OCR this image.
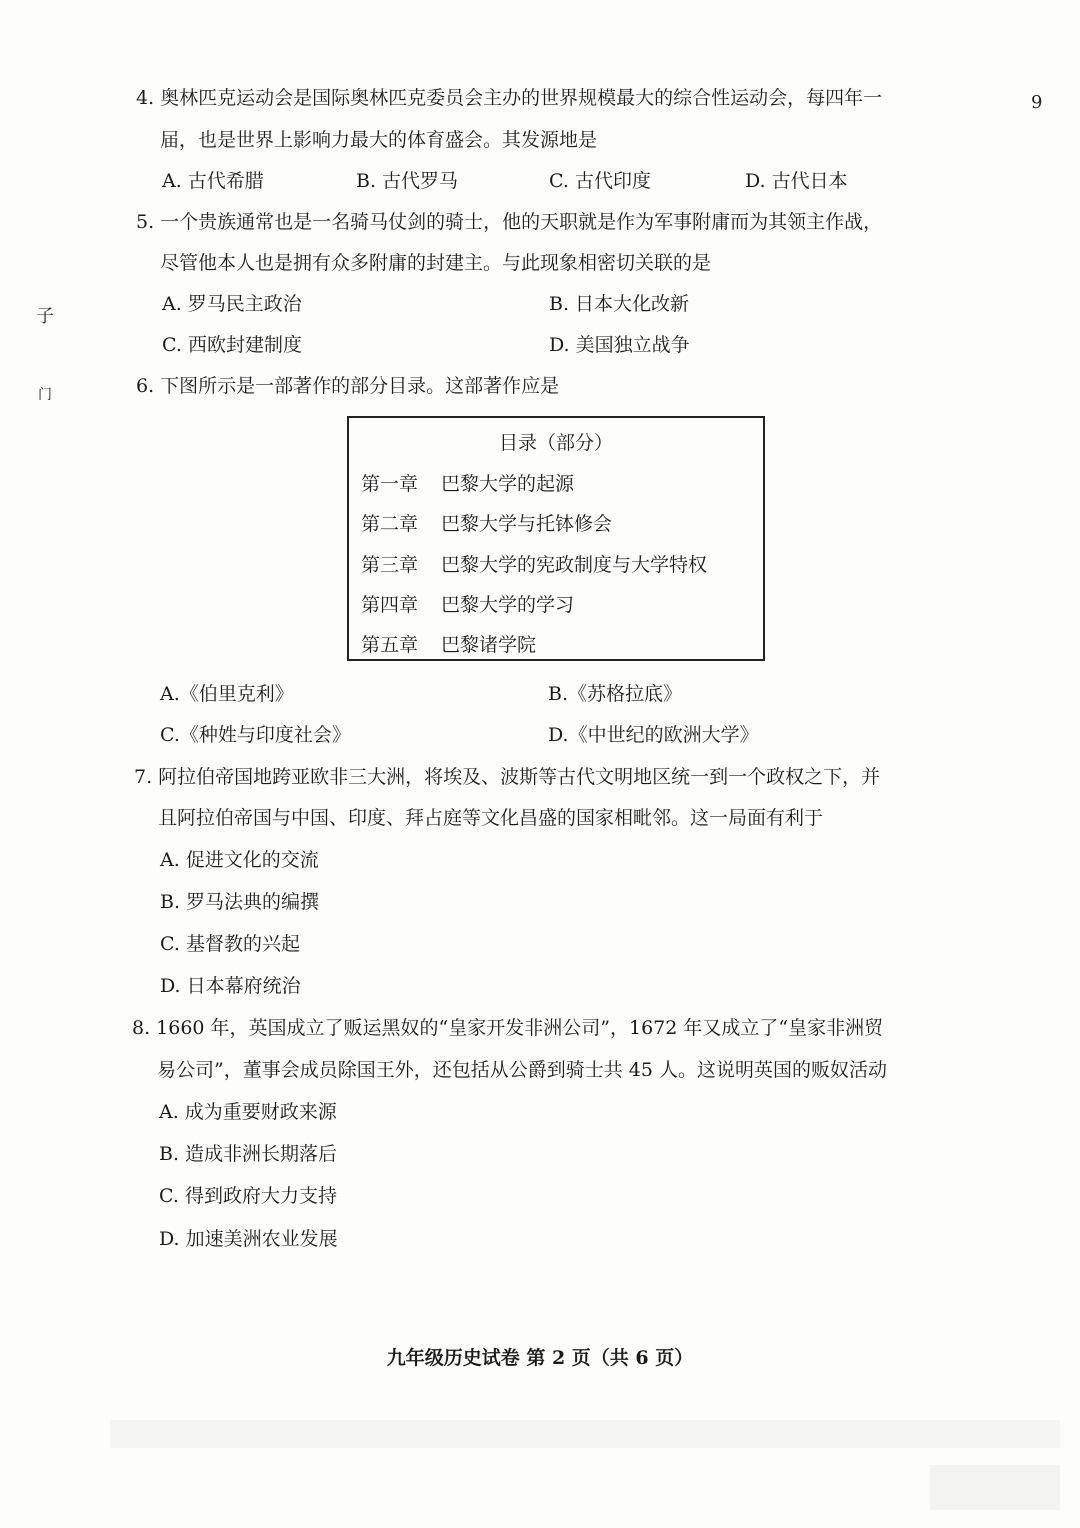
9
子
门
4. 奥林匹克运动会是国际奥林匹克委员会主办的世界规模最大的综合性运动会，每四年一
届，也是世界上影响力最大的体育盛会。其发源地是
A. 古代希腊	B. 古代罗马	C. 古代印度	D. 古代日本
5. 一个贵族通常也是一名骑马仗剑的骑士，他的天职就是作为军事附庸而为其领主作战，
尽管他本人也是拥有众多附庸的封建主。与此现象相密切关联的是
A. 罗马民主政治	B. 日本大化改新
C. 西欧封建制度	D. 美国独立战争
6. 下图所示是一部著作的部分目录。这部著作应是
目录（部分）
第一章 巴黎大学的起源
第二章 巴黎大学与托钵修会
第三章 巴黎大学的宪政制度与大学特权
第四章 巴黎大学的学习
第五章 巴黎诸学院
A.《伯里克利》	B.《苏格拉底》
C.《种姓与印度社会》	D.《中世纪的欧洲大学》
7. 阿拉伯帝国地跨亚欧非三大洲，将埃及、波斯等古代文明地区统一到一个政权之下，并
且阿拉伯帝国与中国、印度、拜占庭等文化昌盛的国家相毗邻。这一局面有利于
A. 促进文化的交流
B. 罗马法典的编撰
C. 基督教的兴起
D. 日本幕府统治
8. 1660 年，英国成立了贩运黑奴的“皇家开发非洲公司”，1672 年又成立了“皇家非洲贸
易公司”，董事会成员除国王外，还包括从公爵到骑士共 45 人。这说明英国的贩奴活动
A. 成为重要财政来源
B. 造成非洲长期落后
C. 得到政府大力支持
D. 加速美洲农业发展
九年级历史试卷 第 2 页（共 6 页）
